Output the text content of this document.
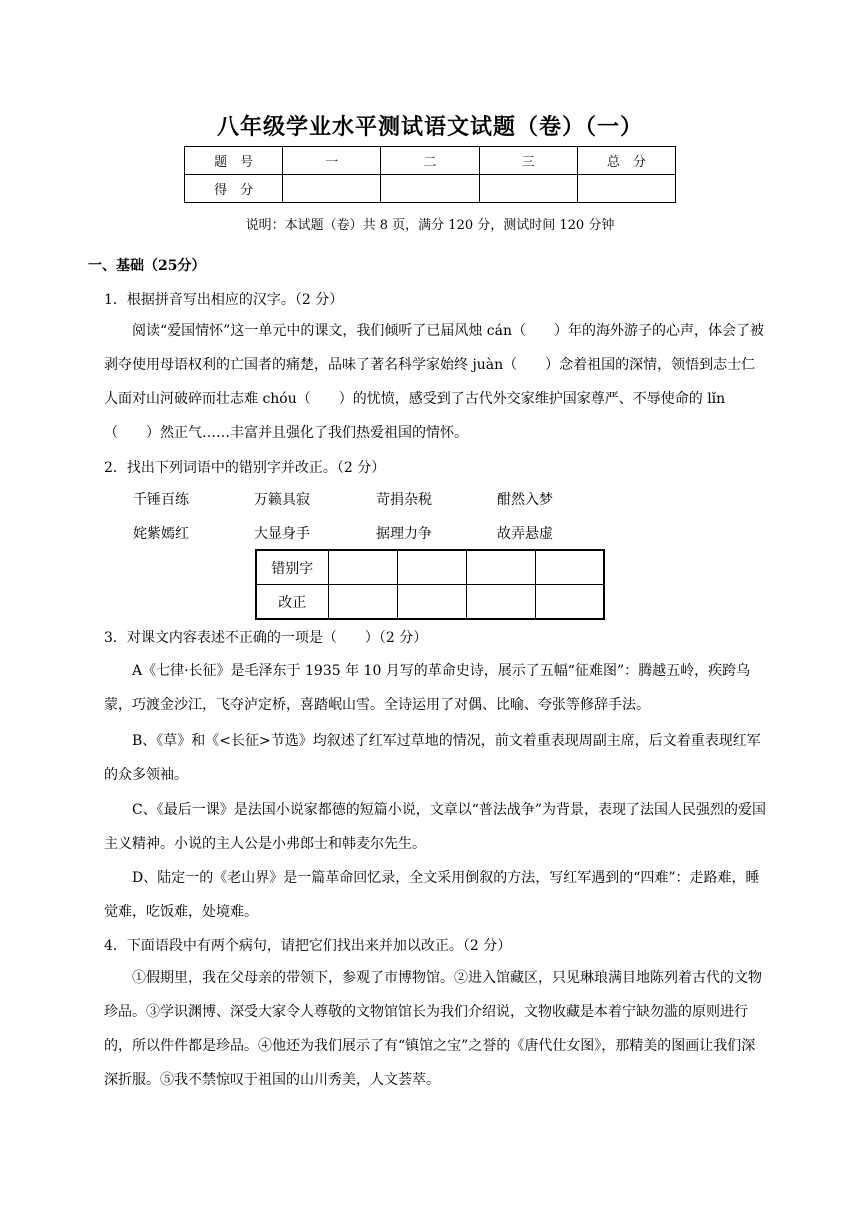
八年级学业水平测试语文试题（卷）（一）
题　号	一	二	三	总　分
得　分				
说明：本试题（卷）共 8 页，满分 120 分，测试时间 120 分钟
一、基础（25分）
1．根据拼音写出相应的汉字。（2 分）
阅读“爱国情怀”这一单元中的课文，我们倾听了已届风烛 cán（　　）年的海外游子的心声，体会了被剥夺使用母语权利的亡国者的痛楚，品味了著名科学家始终 juàn（　　）念着祖国的深情，领悟到志士仁人面对山河破碎而壮志难 chóu（　　）的忧愤，感受到了古代外交家维护国家尊严、不辱使命的 lǐn（　　）然正气……丰富并且强化了我们热爱祖国的情怀。
2．找出下列词语中的错别字并改正。（2 分）
千锤百练	万籁具寂	苛捐杂税	酣然入梦
姹紫嫣红	大显身手	据理力争	故弄悬虚
错别字				
改正				
3．对课文内容表述不正确的一项是（　　）（2 分）
A《七律·长征》是毛泽东于 1935 年 10 月写的革命史诗，展示了五幅“征难图”：腾越五岭，疾跨乌蒙，巧渡金沙江，飞夺泸定桥，喜踏岷山雪。全诗运用了对偶、比喻、夸张等修辞手法。
B、《草》和《<长征>节选》均叙述了红军过草地的情况，前文着重表现周副主席，后文着重表现红军的众多领袖。
C、《最后一课》是法国小说家都德的短篇小说，文章以“普法战争”为背景，表现了法国人民强烈的爱国主义精神。小说的主人公是小弗郎士和韩麦尔先生。
D、陆定一的《老山界》是一篇革命回忆录，全文采用倒叙的方法，写红军遇到的“四难”：走路难，睡觉难，吃饭难，处境难。
4．下面语段中有两个病句，请把它们找出来并加以改正。（2 分）
①假期里，我在父母亲的带领下，参观了市博物馆。②进入馆藏区，只见琳琅满目地陈列着古代的文物珍品。③学识渊博、深受大家令人尊敬的文物馆馆长为我们介绍说，文物收藏是本着宁缺勿滥的原则进行的，所以件件都是珍品。④他还为我们展示了有“镇馆之宝”之誉的《唐代仕女图》，那精美的图画让我们深深折服。⑤我不禁惊叹于祖国的山川秀美，人文荟萃。
